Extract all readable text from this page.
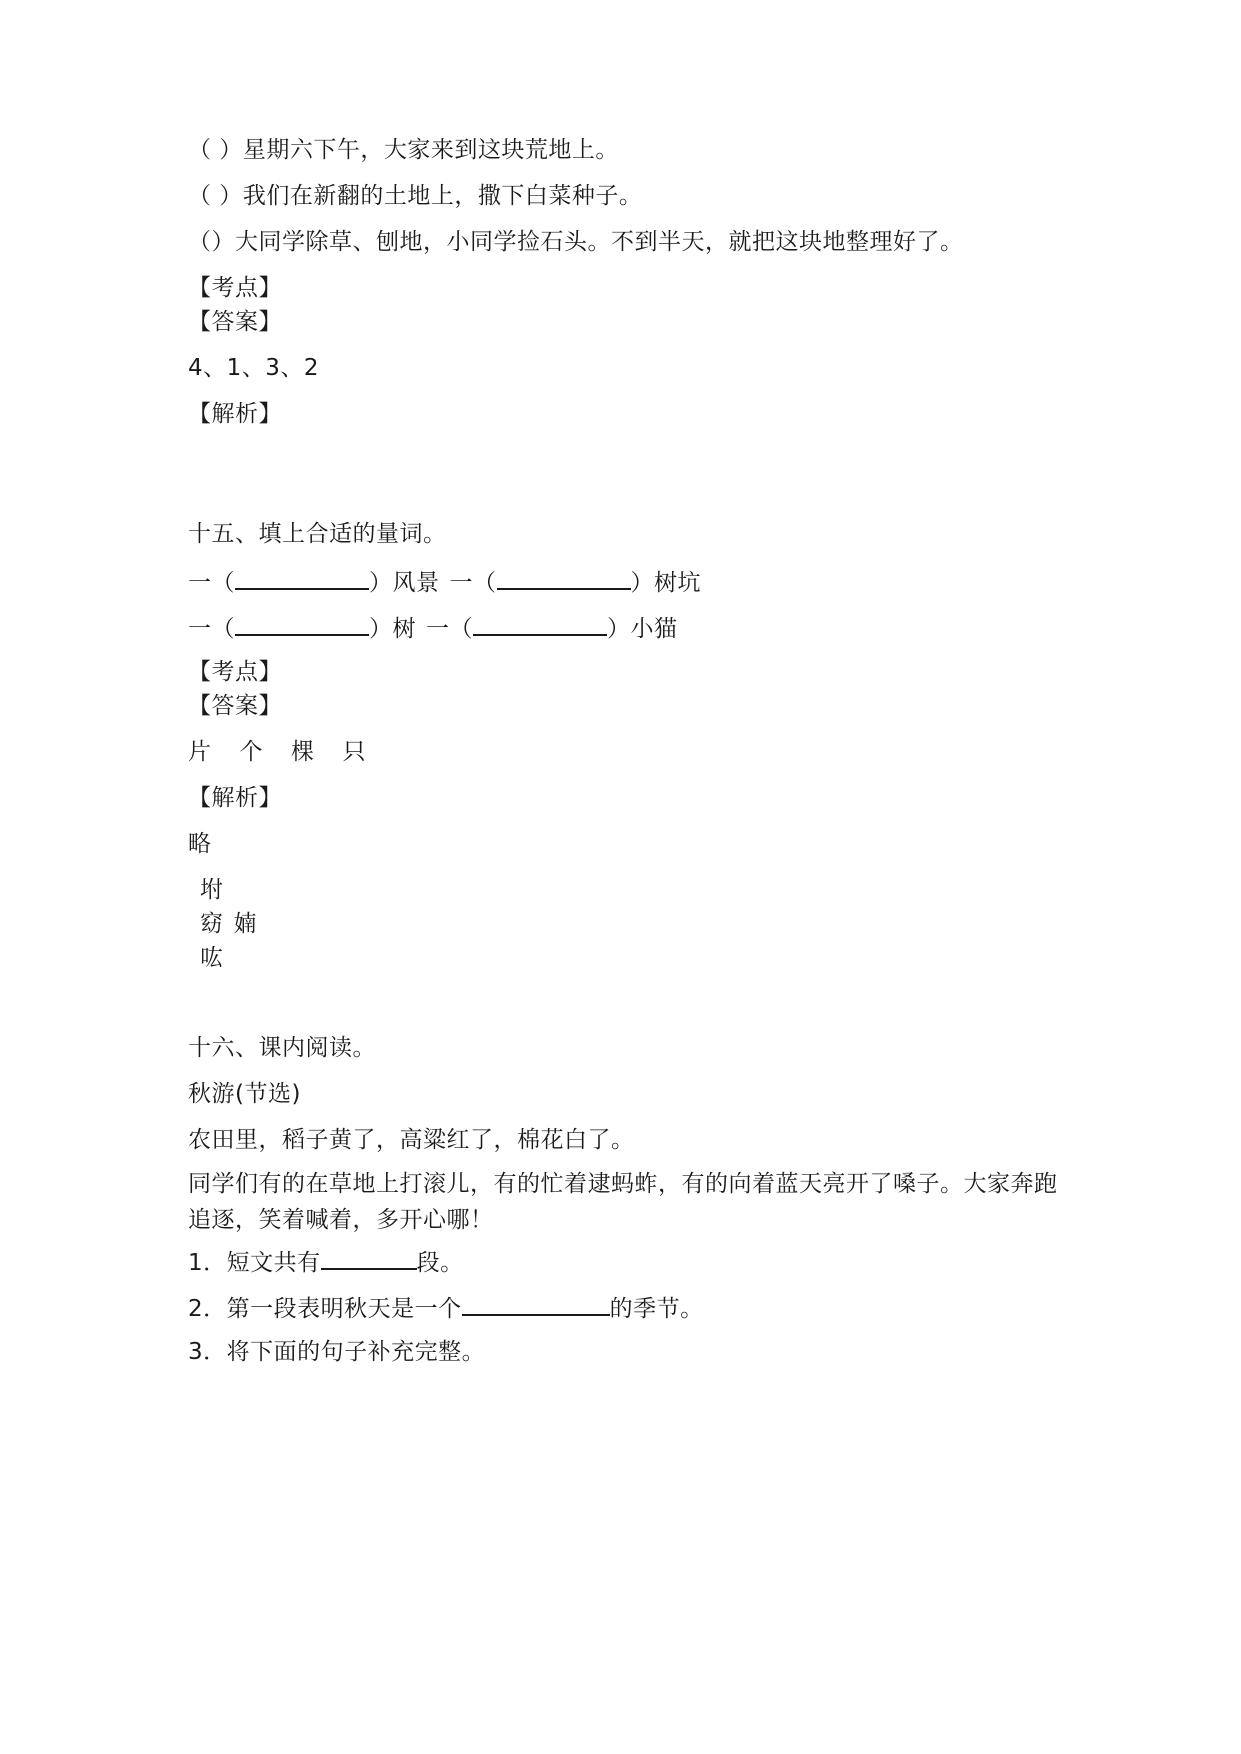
（ ）星期六下午，大家来到这块荒地上。
（ ）我们在新翻的土地上，撒下白菜种子。
（）大同学除草、刨地，小同学捡石头。不到半天，就把这块地整理好了。
【考点】
【答案】
4、1、3、2
【解析】
十五、填上合适的量词。
一（	）风景 一（	）树坑
一（	）树 一（	）小猫
【考点】
【答案】
片 个 棵 只
【解析】
略
坿
窈 婻
吰
十六、课内阅读。
秋游(节选)
农田里，稻子黄了，高粱红了，棉花白了。
同学们有的在草地上打滚儿，有的忙着逮蚂蚱，有的向着蓝天亮开了嗓子。大家奔跑追逐，笑着喊着，多开心哪！
1．短文共有	段。
2．第一段表明秋天是一个	的季节。
3．将下面的句子补充完整。
